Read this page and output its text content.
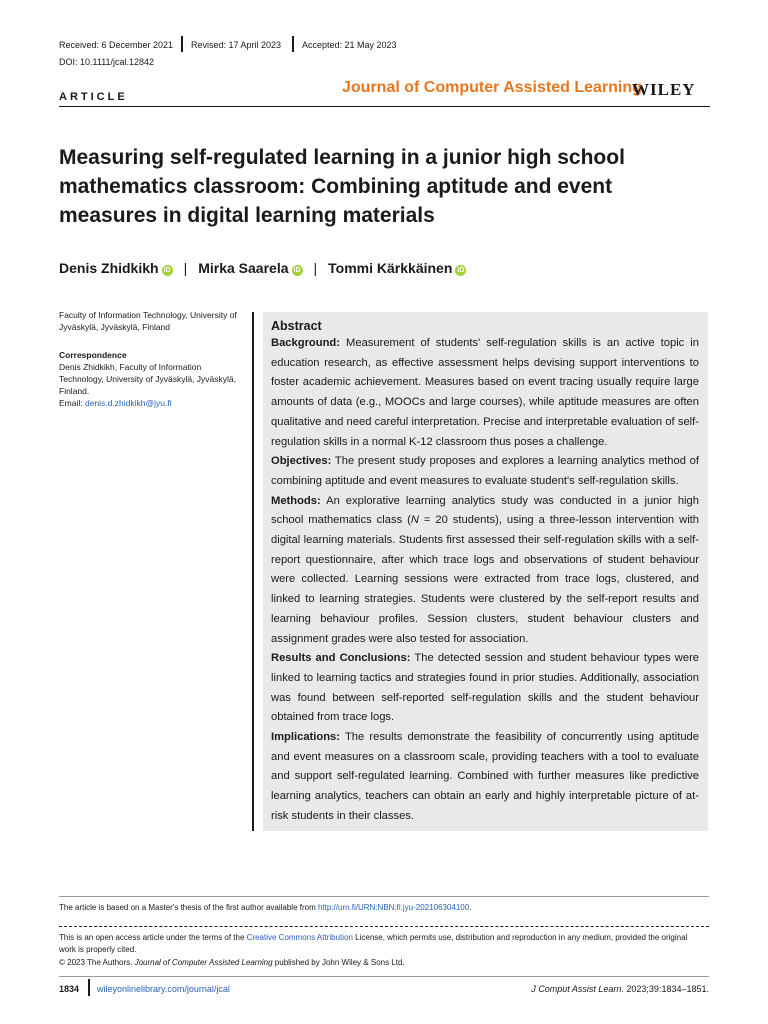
Received: 6 December 2021 Revised: 17 April 2023 Accepted: 21 May 2023
DOI: 10.1111/jcal.12842
Journal of Computer Assisted Learning
WILEY
ARTICLE
Measuring self-regulated learning in a junior high school mathematics classroom: Combining aptitude and event measures in digital learning materials
Denis Zhidkikh iD | Mirka Saarela iD | Tommi Kärkkäinen iD
Faculty of Information Technology, University of Jyväskylä, Jyväskylä, Finland
Correspondence
Denis Zhidkikh, Faculty of Information Technology, University of Jyväskylä, Jyväskylä, Finland.
Email: denis.d.zhidkikh@jyu.fi
Abstract

Background: Measurement of students' self-regulation skills is an active topic in education research, as effective assessment helps devising support interventions to foster academic achievement. Measures based on event tracing usually require large amounts of data (e.g., MOOCs and large courses), while aptitude measures are often qualitative and need careful interpretation. Precise and interpretable evaluation of self-regulation skills in a normal K-12 classroom thus poses a challenge.

Objectives: The present study proposes and explores a learning analytics method of combining aptitude and event measures to evaluate student's self-regulation skills.

Methods: An explorative learning analytics study was conducted in a junior high school mathematics class (N = 20 students), using a three-lesson intervention with digital learning materials. Students first assessed their self-regulation skills with a self-report questionnaire, after which trace logs and observations of student behaviour were collected. Learning sessions were extracted from trace logs, clustered, and linked to learning strategies. Students were clustered by the self-report results and learning behaviour profiles. Session clusters, student behaviour clusters and assignment grades were also tested for association.

Results and Conclusions: The detected session and student behaviour types were linked to learning tactics and strategies found in prior studies. Additionally, association was found between self-reported self-regulation skills and the student behaviour obtained from trace logs.

Implications: The results demonstrate the feasibility of concurrently using aptitude and event measures on a classroom scale, providing teachers with a tool to evaluate and support self-regulated learning. Combined with further measures like predictive learning analytics, teachers can obtain an early and highly interpretable picture of at-risk students in their classes.

The article is based on a Master's thesis of the first author available from http://urn.fi/URN:NBN:fi:jyu-202106304100.
This is an open access article under the terms of the Creative Commons Attribution License, which permits use, distribution and reproduction in any medium, provided the original work is properly cited.
© 2023 The Authors. Journal of Computer Assisted Learning published by John Wiley & Sons Ltd.
1834 wileyonlinelibrary.com/journal/jcal	J Comput Assist Learn. 2023;39:1834–1851.
